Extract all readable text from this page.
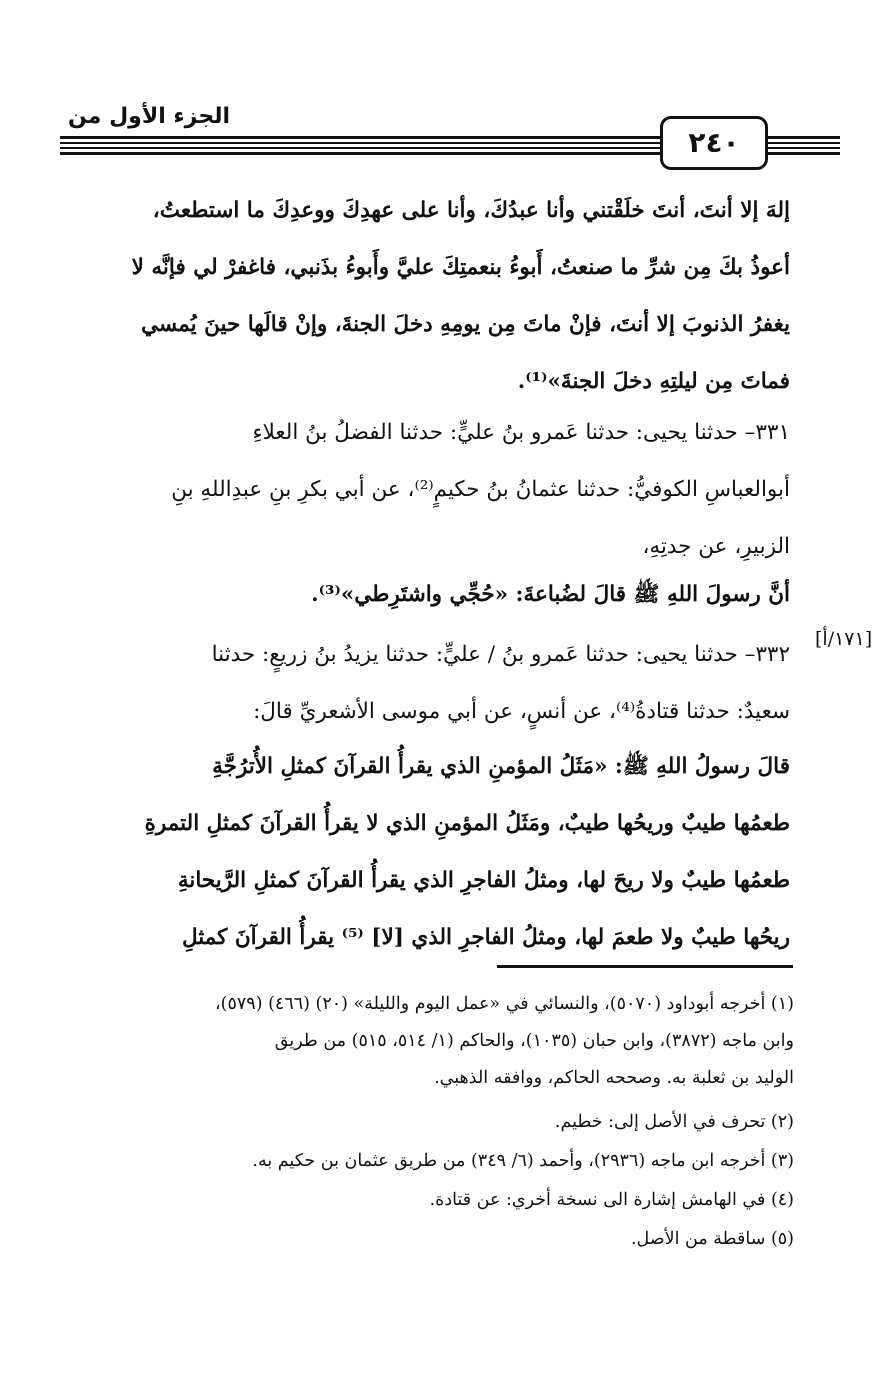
الجزء الأول من
٢٤٠
إلهَ إلا أنتَ، أنتَ خلَقْتني وأنا عبدُكَ، وأنا على عهدِكَ ووعدِكَ ما استطعتُ،
أعوذُ بكَ مِن شرِّ ما صنعتُ، أَبوءُ بنعمتِكَ عليَّ وأَبوءُ بذَنبي، فاغفرْ لي فإنَّه لا
يغفرُ الذنوبَ إلا أنتَ، فإنْ ماتَ مِن يومِهِ دخلَ الجنةَ، وإنْ قالَها حينَ يُمسي
فماتَ مِن ليلتِهِ دخلَ الجنةَ»⁽¹⁾.
٣٣١– حدثنا يحيى: حدثنا عَمرو بنُ عليٍّ: حدثنا الفضلُ بنُ العلاءِ
أبوالعباسِ الكوفيُّ: حدثنا عثمانُ بنُ حكيمٍ⁽²⁾، عن أبي بكرِ بنِ عبدِاللهِ بنِ
الزبيرِ، عن جدتِهِ،
أنَّ رسولَ اللهِ ﷺ قالَ لضُباعةَ: «حُجِّي واشتَرِطي»⁽³⁾.
[١٧١/أ]
٣٣٢– حدثنا يحيى: حدثنا عَمرو بنُ / عليٍّ: حدثنا يزيدُ بنُ زريعٍ: حدثنا
سعيدٌ: حدثنا قتادةُ⁽⁴⁾، عن أنسٍ، عن أبي موسى الأشعريِّ قالَ:
قالَ رسولُ اللهِ ﷺ: «مَثَلُ المؤمنِ الذي يقرأُ القرآنَ كمثلِ الأُترُجَّةِ
طعمُها طيبٌ وريحُها طيبٌ، ومَثَلُ المؤمنِ الذي لا يقرأُ القرآنَ كمثلِ التمرةِ
طعمُها طيبٌ ولا ريحَ لها، ومثلُ الفاجرِ الذي يقرأُ القرآنَ كمثلِ الرَّيحانةِ
ريحُها طيبٌ ولا طعمَ لها، ومثلُ الفاجرِ الذي [لا] ⁽⁵⁾ يقرأُ القرآنَ كمثلِ
(١) أخرجه أبوداود (٥٠٧٠)، والنسائي في «عمل اليوم والليلة» (٢٠) (٤٦٦) (٥٧٩)،
وابن ماجه (٣٨٧٢)، وابن حبان (١٠٣٥)، والحاكم (١/ ٥١٤، ٥١٥) من طريق
الوليد بن ثعلبة به. وصححه الحاكم، ووافقه الذهبي.
(٢) تحرف في الأصل إلى: خطيم.
(٣) أخرجه ابن ماجه (٢٩٣٦)، وأحمد (٦/ ٣٤٩) من طريق عثمان بن حكيم به.
(٤) في الهامش إشارة الى نسخة أخري: عن قتادة.
(٥) ساقطة من الأصل.
